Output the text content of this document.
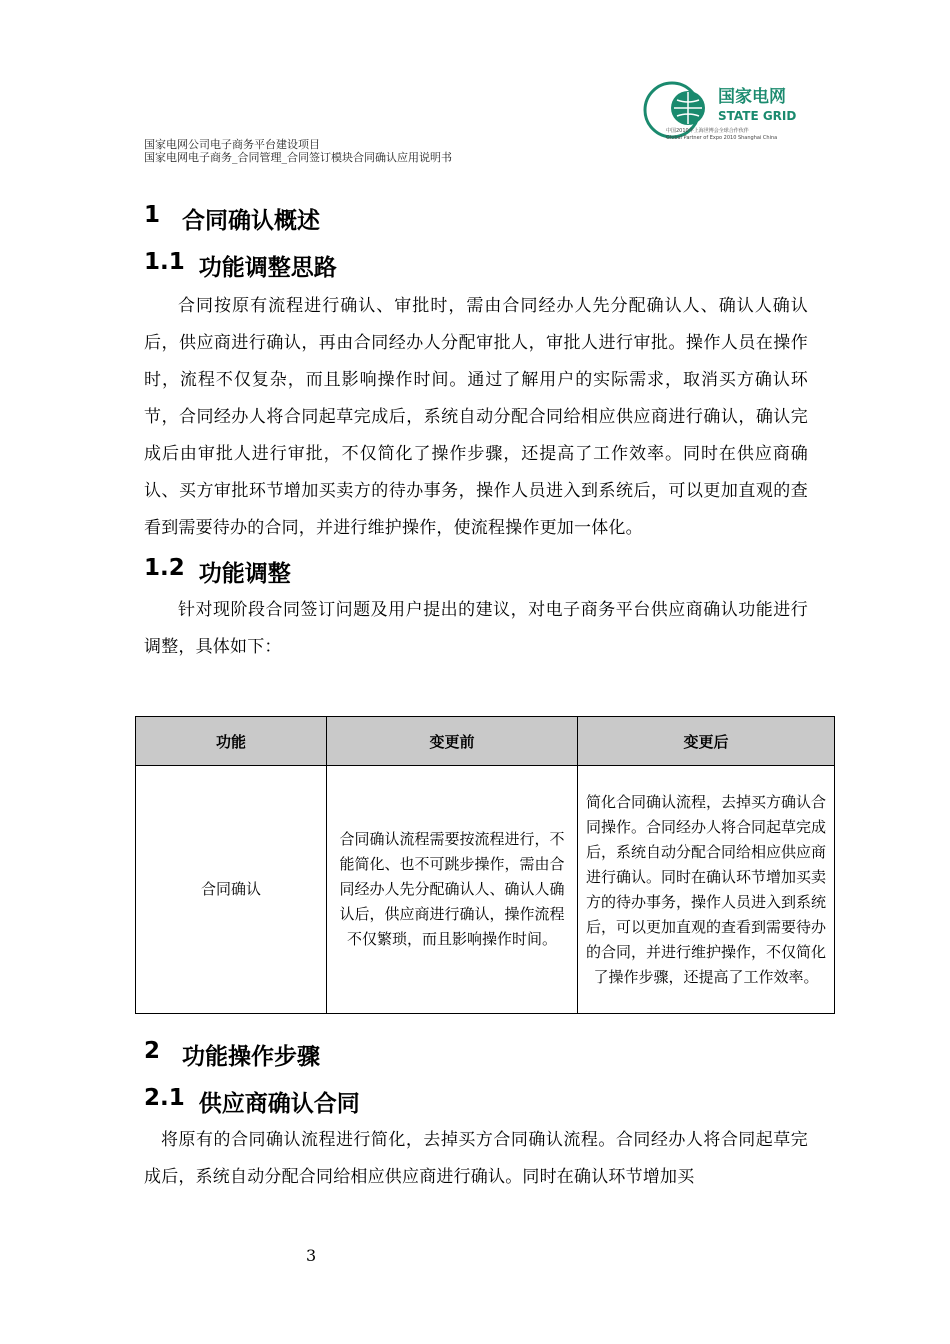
国家电网公司电子商务平台建设项目
国家电网电子商务_合同管理_合同签订模块合同确认应用说明书
国家电网
STATE GRID
中国2010年上海世博会全球合作伙伴
Global Partner of Expo 2010 Shanghai China
1 合同确认概述
1.1 功能调整思路

合同按原有流程进行确认、审批时，需由合同经办人先分配确认人、确认人确认后，供应商进行确认，再由合同经办人分配审批人，审批人进行审批。操作人员在操作时，流程不仅复杂，而且影响操作时间。通过了解用户的实际需求，取消买方确认环节，合同经办人将合同起草完成后，系统自动分配合同给相应供应商进行确认，确认完成后由审批人进行审批，不仅简化了操作步骤，还提高了工作效率。同时在供应商确认、买方审批环节增加买卖方的待办事务，操作人员进入到系统后，可以更加直观的查看到需要待办的合同，并进行维护操作，使流程操作更加一体化。

1.2 功能调整

针对现阶段合同签订问题及用户提出的建议，对电子商务平台供应商确认功能进行调整，具体如下：

功能	变更前	变更后
合同确认	合同确认流程需要按流程进行，不能简化、也不可跳步操作，需由合同经办人先分配确认人、确认人确认后，供应商进行确认，操作流程不仅繁琐，而且影响操作时间。	简化合同确认流程，去掉买方确认合同操作。合同经办人将合同起草完成后，系统自动分配合同给相应供应商进行确认。同时在确认环节增加买卖方的待办事务，操作人员进入到系统后，可以更加直观的查看到需要待办的合同，并进行维护操作，不仅简化了操作步骤，还提高了工作效率。
2 功能操作步骤
2.1 供应商确认合同

将原有的合同确认流程进行简化，去掉买方合同确认流程。合同经办人将合同起草完成后，系统自动分配合同给相应供应商进行确认。同时在确认环节增加买

3
